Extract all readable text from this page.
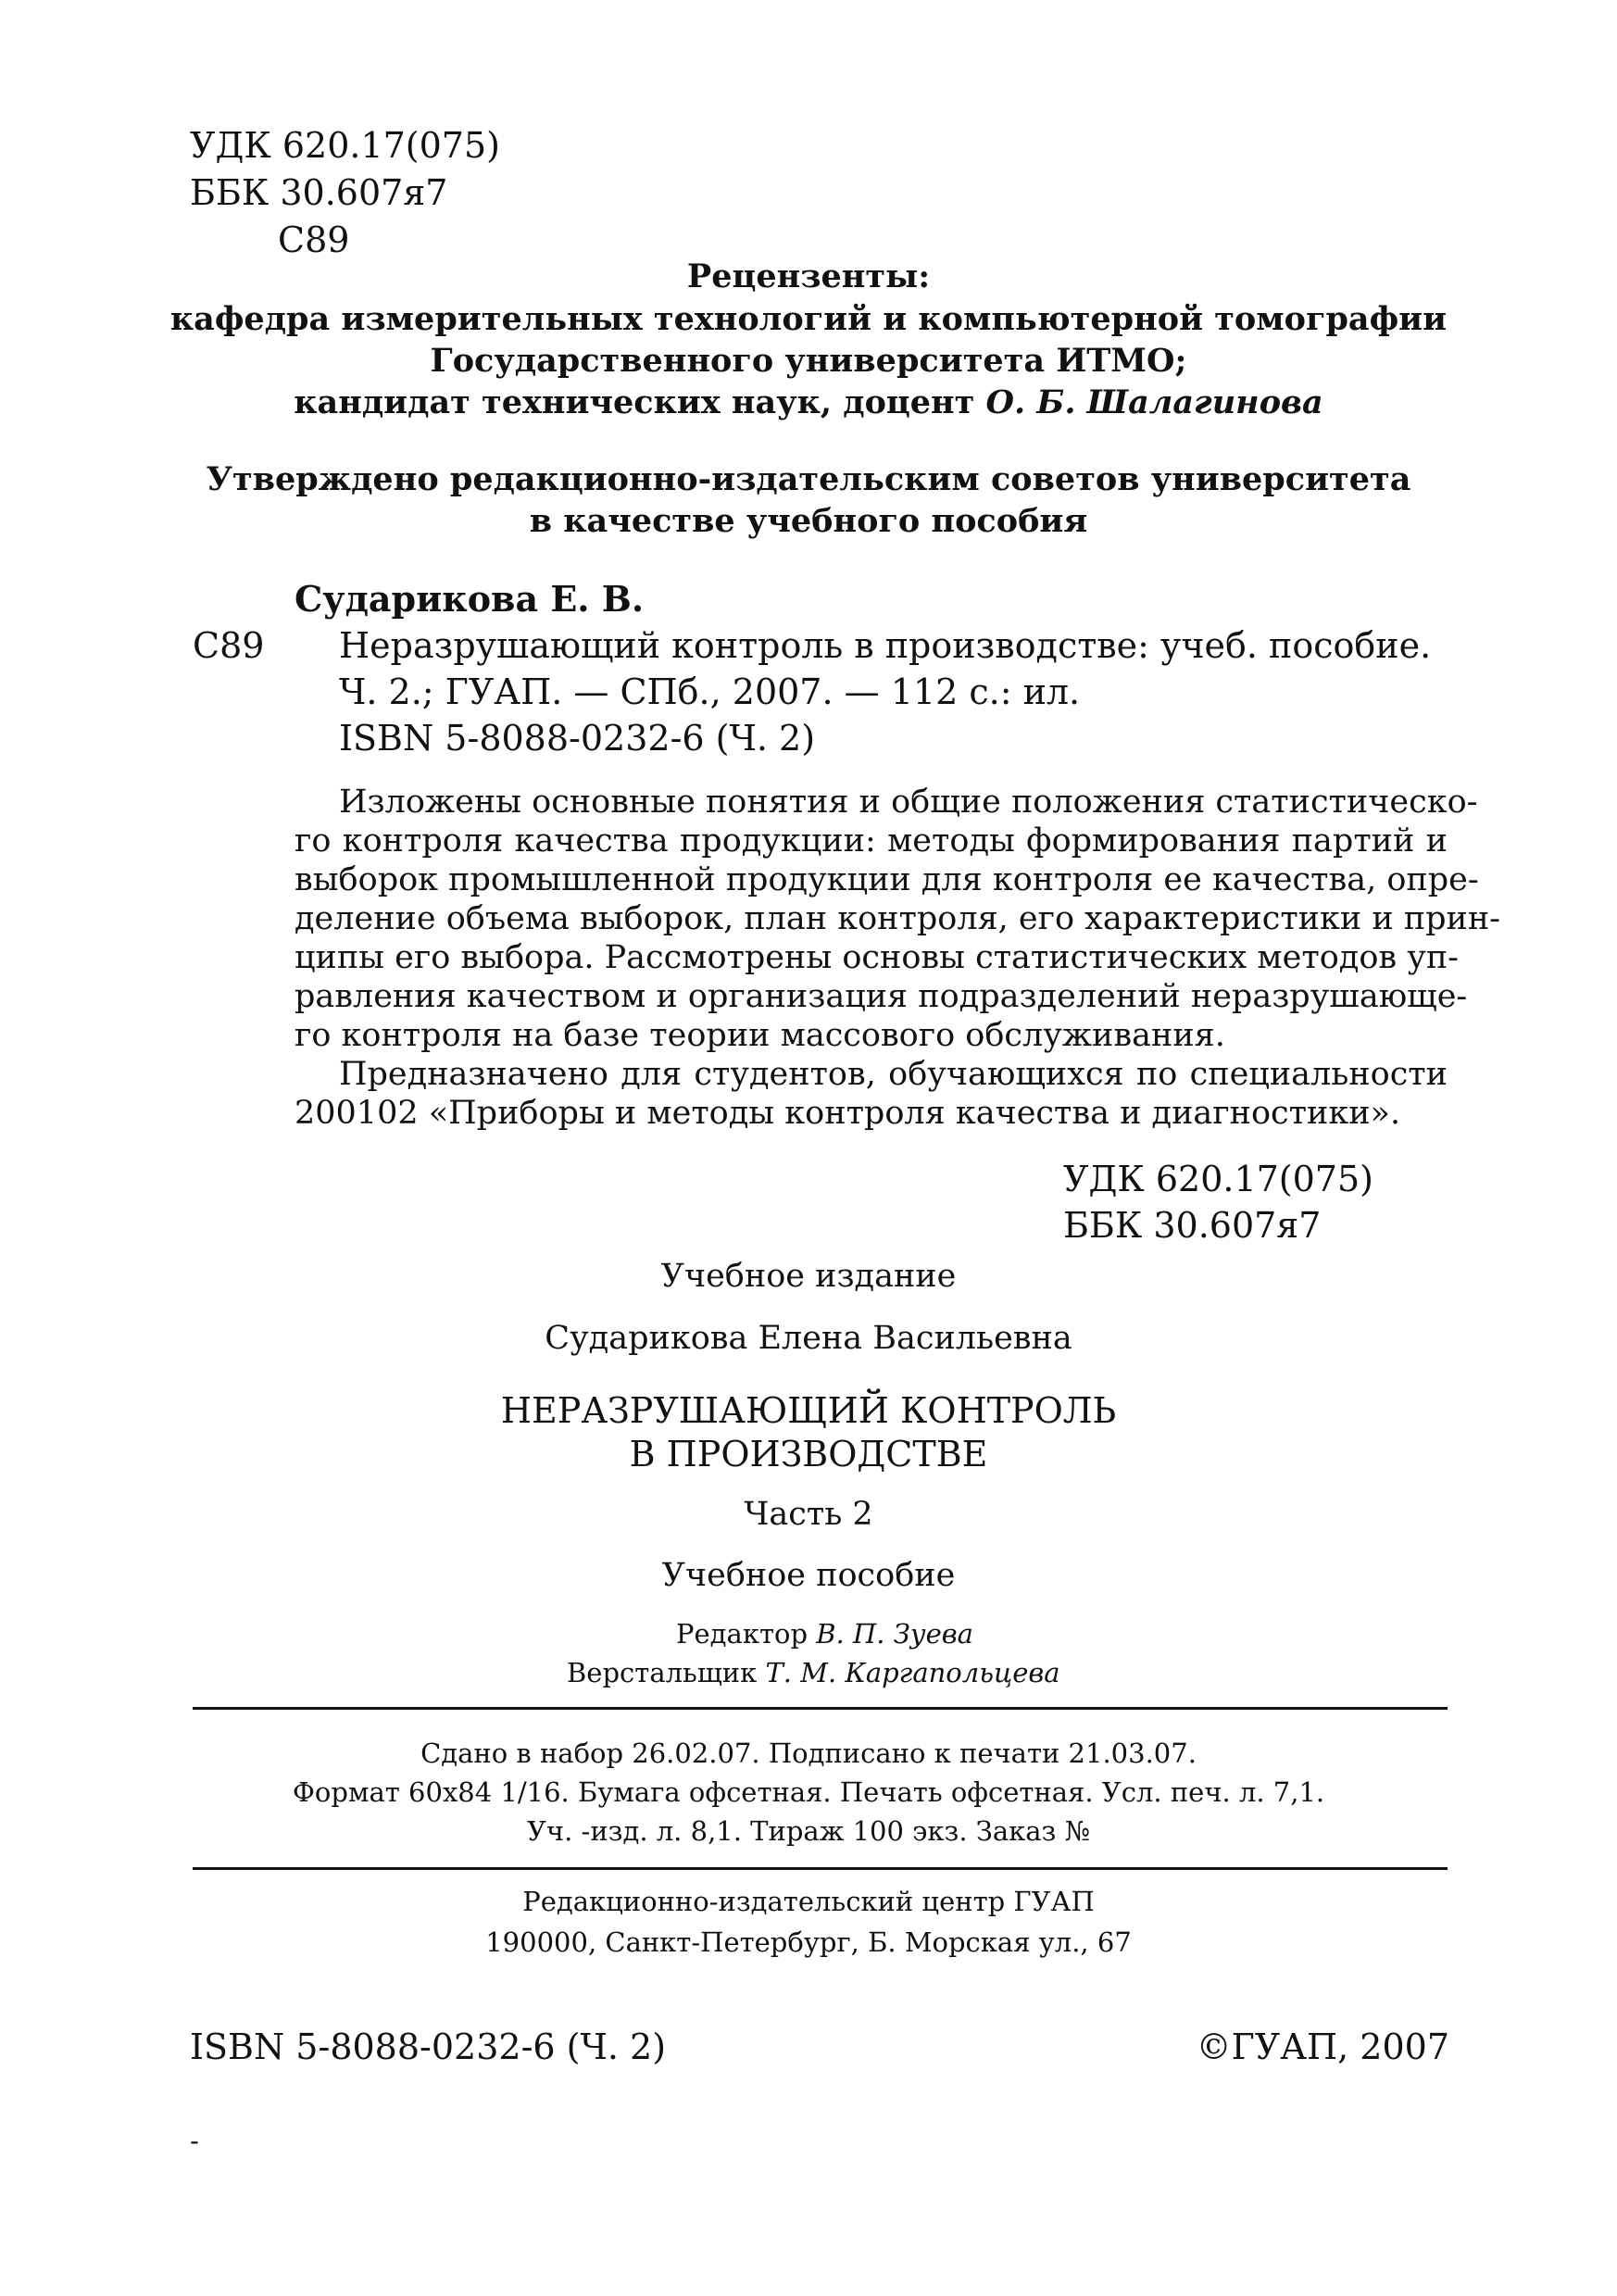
УДК 620.17(075)
ББК 30.607я7
С89
Рецензенты:
кафедра измерительных технологий и компьютерной томографии
Государственного университета ИТМО;
кандидат технических наук, доцент О. Б. Шалагинова
Утверждено редакционно-издательским советов университета
в качестве учебного пособия
Сударикова Е. В.
С89 Неразрушающий контроль в производстве: учеб. пособие.
Ч. 2.; ГУАП. — СПб., 2007. — 112 с.: ил.
ISBN 5-8088-0232-6 (Ч. 2)
Изложены основные понятия и общие положения статистическо-
го контроля качества продукции: методы формирования партий и
выборок промышленной продукции для контроля ее качества, опре-
деление объема выборок, план контроля, его характеристики и прин-
ципы его выбора. Рассмотрены основы статистических методов уп-
равления качеством и организация подразделений неразрушающе-
го контроля на базе теории массового обслуживания.
Предназначено для студентов, обучающихся по специальности
200102 «Приборы и методы контроля качества и диагностики».
УДК 620.17(075)
ББК 30.607я7
Учебное издание
Сударикова Елена Васильевна
НЕРАЗРУШАЮЩИЙ КОНТРОЛЬ
В ПРОИЗВОДСТВЕ
Часть 2
Учебное пособие
Редактор В. П. Зуева
Верстальщик Т. М. Каргапольцева
Сдано в набор 26.02.07. Подписано к печати 21.03.07.
Формат 60х84 1/16. Бумага офсетная. Печать офсетная. Усл. печ. л. 7,1.
Уч. -изд. л. 8,1. Тираж 100 экз. Заказ №
Редакционно-издательский центр ГУАП
190000, Санкт-Петербург, Б. Морская ул., 67
ISBN 5-8088-0232-6 (Ч. 2)	©ГУАП, 2007
-
